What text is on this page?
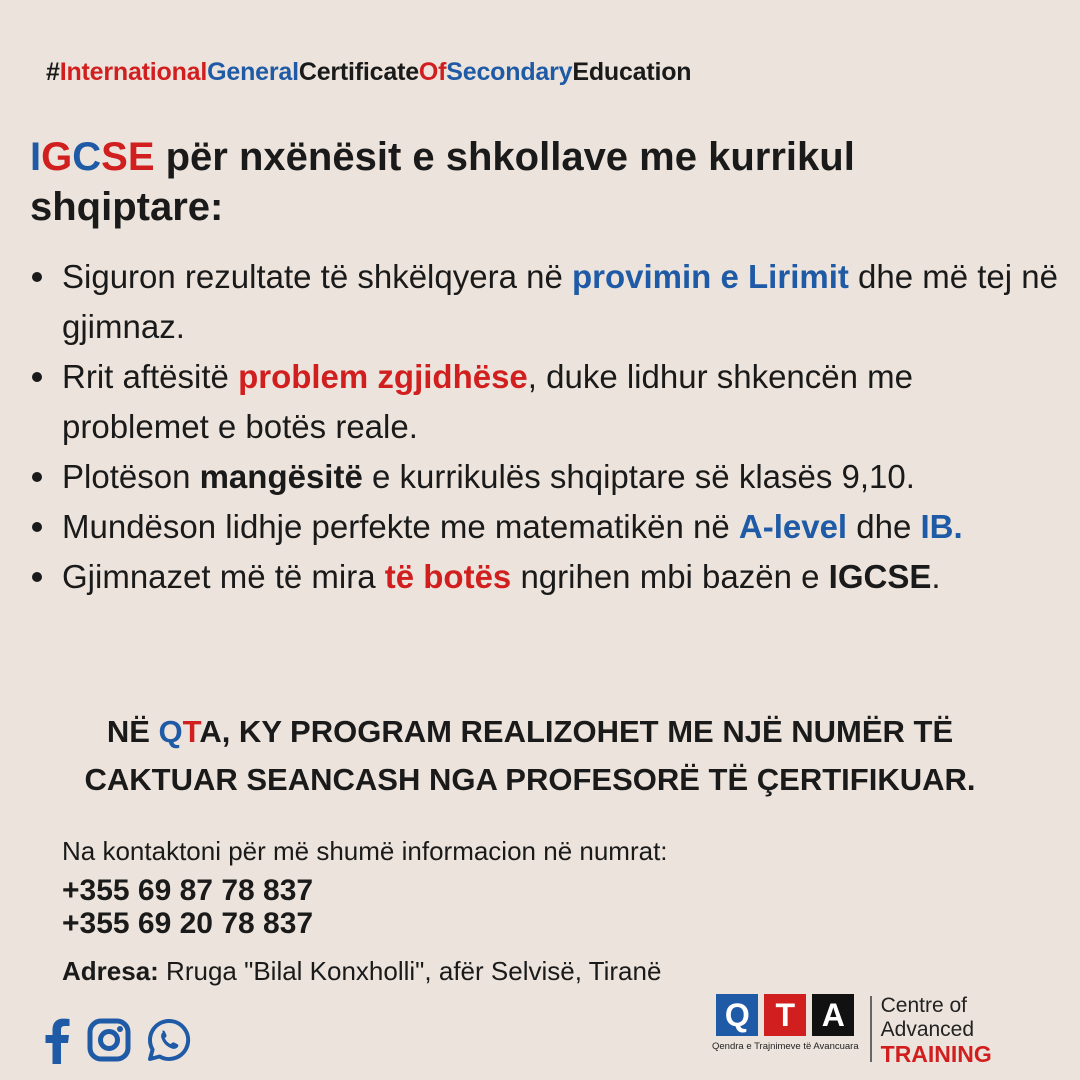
#InternationalGeneralCertificateOfSecondaryEducation
IGCSE për nxënësit e shkollave me kurrikul shqiptare:
Siguron rezultate të shkëlqyera në provimin e Lirimit dhe më tej në gjimnaz.
Rrit aftësitë problem zgjidhëse, duke lidhur shkencën me problemet e botës reale.
Plotëson mangësitë e kurrikulës shqiptare së klasës 9,10.
Mundëson lidhje perfekte me matematikën në A-level dhe IB.
Gjimnazet më të mira të botës ngrihen mbi bazën e IGCSE.
NË QTA, KY PROGRAM REALIZOHET ME NJË NUMËR TË
CAKTUAR SEANCASH NGA PROFESORË TË ÇERTIFIKUAR.
Na kontaktoni për më shumë informacion në numrat:
+355 69 87 78 837
+355 69 20 78 837
Adresa: Rruga "Bilal Konxholli", afër Selvisë, Tiranë
Q T A
Qendra e Trajnimeve të Avancuara
Centre of
Advanced
TRAINING
